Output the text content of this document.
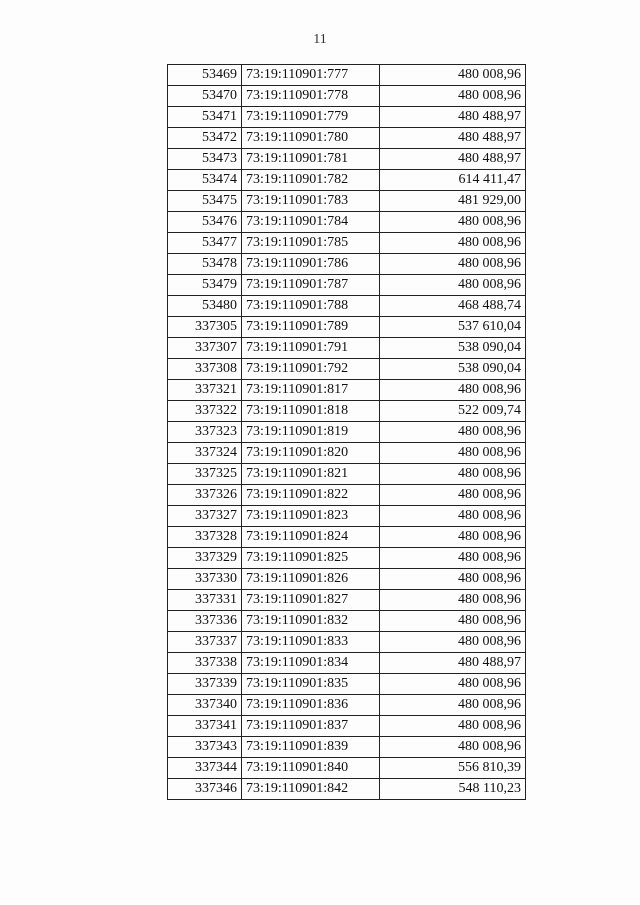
11
53469	73:19:110901:777	480 008,96
53470	73:19:110901:778	480 008,96
53471	73:19:110901:779	480 488,97
53472	73:19:110901:780	480 488,97
53473	73:19:110901:781	480 488,97
53474	73:19:110901:782	614 411,47
53475	73:19:110901:783	481 929,00
53476	73:19:110901:784	480 008,96
53477	73:19:110901:785	480 008,96
53478	73:19:110901:786	480 008,96
53479	73:19:110901:787	480 008,96
53480	73:19:110901:788	468 488,74
337305	73:19:110901:789	537 610,04
337307	73:19:110901:791	538 090,04
337308	73:19:110901:792	538 090,04
337321	73:19:110901:817	480 008,96
337322	73:19:110901:818	522 009,74
337323	73:19:110901:819	480 008,96
337324	73:19:110901:820	480 008,96
337325	73:19:110901:821	480 008,96
337326	73:19:110901:822	480 008,96
337327	73:19:110901:823	480 008,96
337328	73:19:110901:824	480 008,96
337329	73:19:110901:825	480 008,96
337330	73:19:110901:826	480 008,96
337331	73:19:110901:827	480 008,96
337336	73:19:110901:832	480 008,96
337337	73:19:110901:833	480 008,96
337338	73:19:110901:834	480 488,97
337339	73:19:110901:835	480 008,96
337340	73:19:110901:836	480 008,96
337341	73:19:110901:837	480 008,96
337343	73:19:110901:839	480 008,96
337344	73:19:110901:840	556 810,39
337346	73:19:110901:842	548 110,23
